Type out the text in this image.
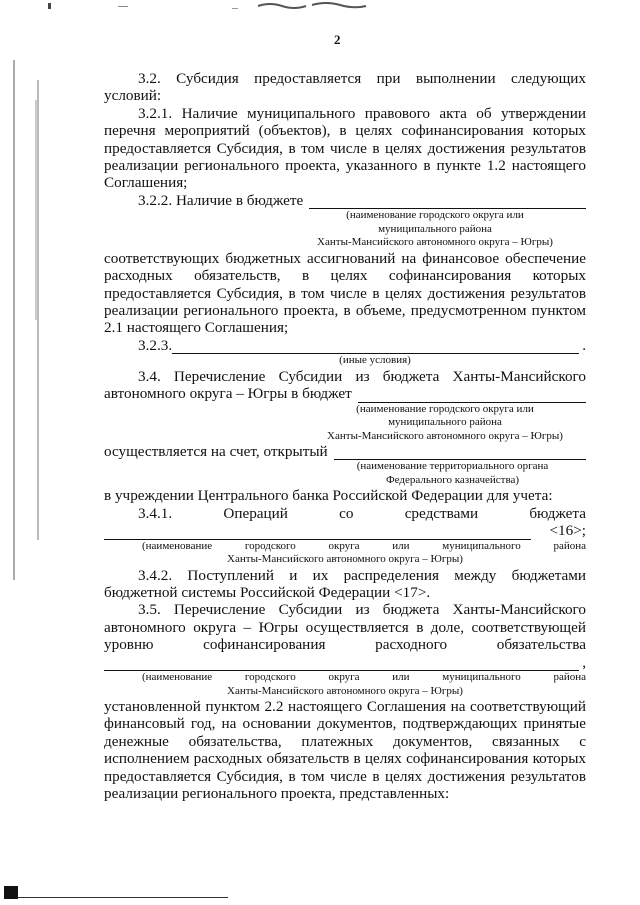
2

3.2. Субсидия предоставляется при выполнении следующих условий:

3.2.1. Наличие муниципального правового акта об утверждении перечня мероприятий (объектов), в целях софинансирования которых предоставляется Субсидия, в том числе в целях достижения результатов реализации регионального проекта, указанного в пункте 1.2 настоящего Соглашения;

3.2.2. Наличие в бюджете

(наименование городского округа или

муниципального района

Ханты-Мансийского автономного округа – Югры)

соответствующих бюджетных ассигнований на финансовое обеспечение расходных обязательств, в целях софинансирования которых предоставляется Субсидия, в том числе в целях достижения результатов реализации регионального проекта, в объеме, предусмотренном пунктом 2.1 настоящего Соглашения;

3.2.3.	.

(иные условия)

3.4. Перечисление Субсидии из бюджета Ханты-Мансийского

автономного округа – Югры в бюджет

(наименование городского округа или

муниципального района

Ханты-Мансийского автономного округа – Югры)

осуществляется на счет, открытый

(наименование территориального органа

Федерального казначейства)

в учреждении Центрального банка Российской Федерации для учета:

3.4.1.	Операций	со	средствами	бюджета
<16>;

(наименование городского округа или муниципального района

Ханты-Мансийского автономного округа – Югры)

3.4.2. Поступлений и их распределения между бюджетами бюджетной системы Российской Федерации <17>.

3.5. Перечисление Субсидии из бюджета Ханты-Мансийского автономного округа – Югры осуществляется в доле, соответствующей уровню софинансирования расходного обязательства

,

(наименование городского округа или муниципального района

Ханты-Мансийского автономного округа – Югры)

установленной пунктом 2.2 настоящего Соглашения на соответствующий финансовый год, на основании документов, подтверждающих принятые денежные обязательства, платежных документов, связанных с исполнением расходных обязательств в целях софинансирования которых предоставляется Субсидия, в том числе в целях достижения результатов реализации регионального проекта, представленных:
